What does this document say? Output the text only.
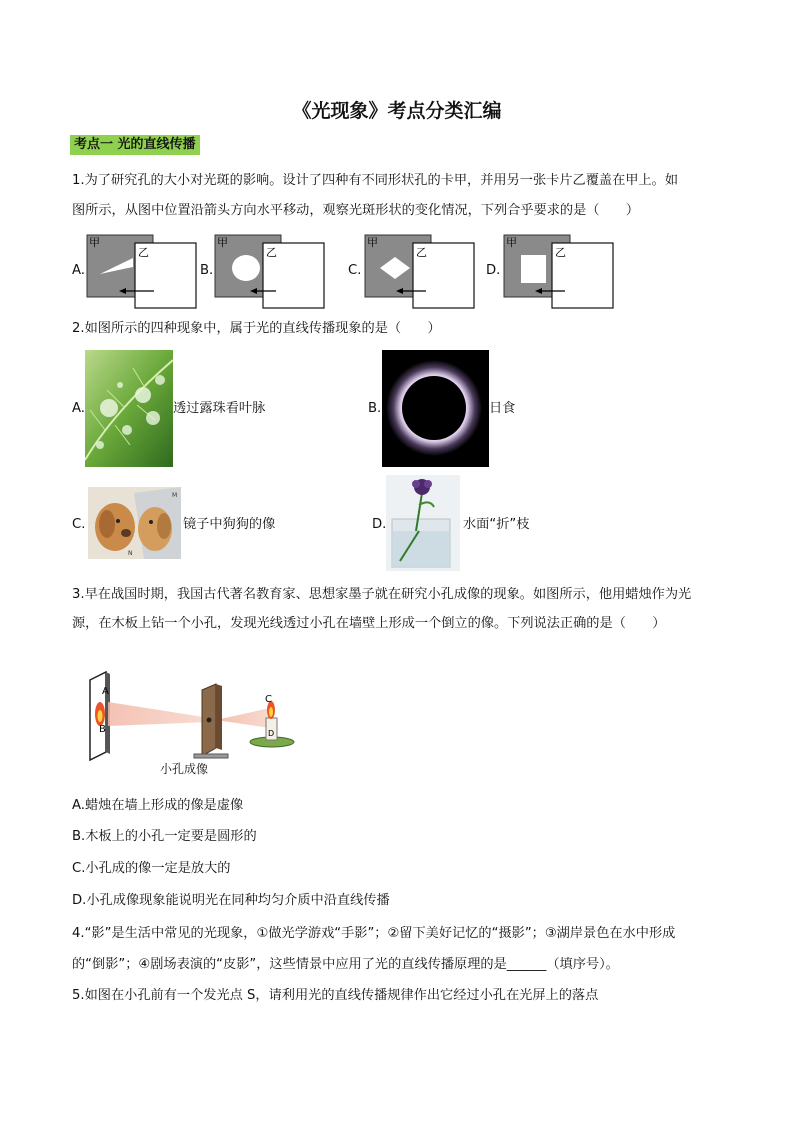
《光现象》考点分类汇编
考点一 光的直线传播
1.为了研究孔的大小对光斑的影响。设计了四种有不同形状孔的卡甲，并用另一张卡片乙覆盖在甲上。如
图所示，从图中位置沿箭头方向水平移动，观察光斑形状的变化情况，下列合乎要求的是（　　）
A.
甲
乙
B.
甲
乙
C.
甲
乙
D.
甲
乙
2.如图所示的四种现象中，属于光的直线传播现象的是（　　）
A.	透过露珠看叶脉	B.	日食
C.
M
N
镜子中狗狗的像	D.	水面“折”枝
3.早在战国时期，我国古代著名教育家、思想家墨子就在研究小孔成像的现象。如图所示，他用蜡烛作为光
源，在木板上钻一个小孔，发现光线透过小孔在墙壁上形成一个倒立的像。下列说法正确的是（　　）
A
B
C
D
小孔成像
A.蜡烛在墙上形成的像是虚像
B.木板上的小孔一定要是圆形的
C.小孔成的像一定是放大的
D.小孔成像现象能说明光在同种均匀介质中沿直线传播
4.“影”是生活中常见的光现象，①做光学游戏“手影”；②留下美好记忆的“摄影”；③湖岸景色在水中形成
的“倒影”；④剧场表演的“皮影”，这些情景中应用了光的直线传播原理的是______（填序号）。
5.如图在小孔前有一个发光点 S，请利用光的直线传播规律作出它经过小孔在光屏上的落点
